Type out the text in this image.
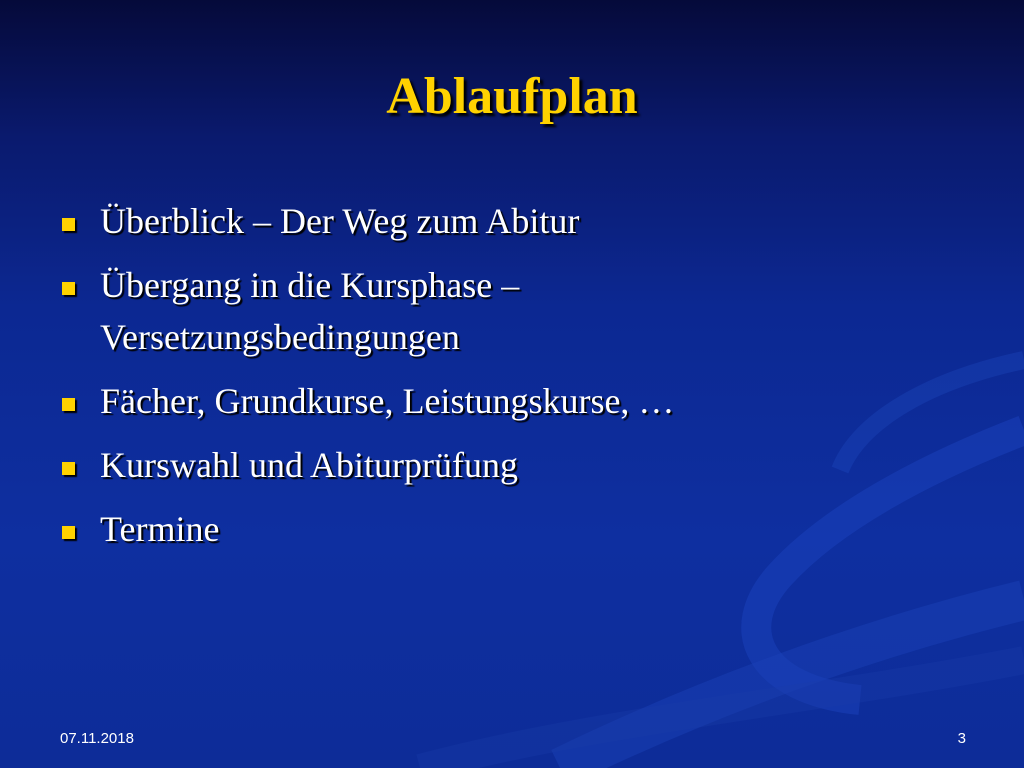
Ablaufplan
Überblick – Der Weg zum Abitur
Übergang in die Kursphase – Versetzungsbedingungen
Fächer, Grundkurse, Leistungskurse, …
Kurswahl und Abiturprüfung
Termine
07.11.2018	3
